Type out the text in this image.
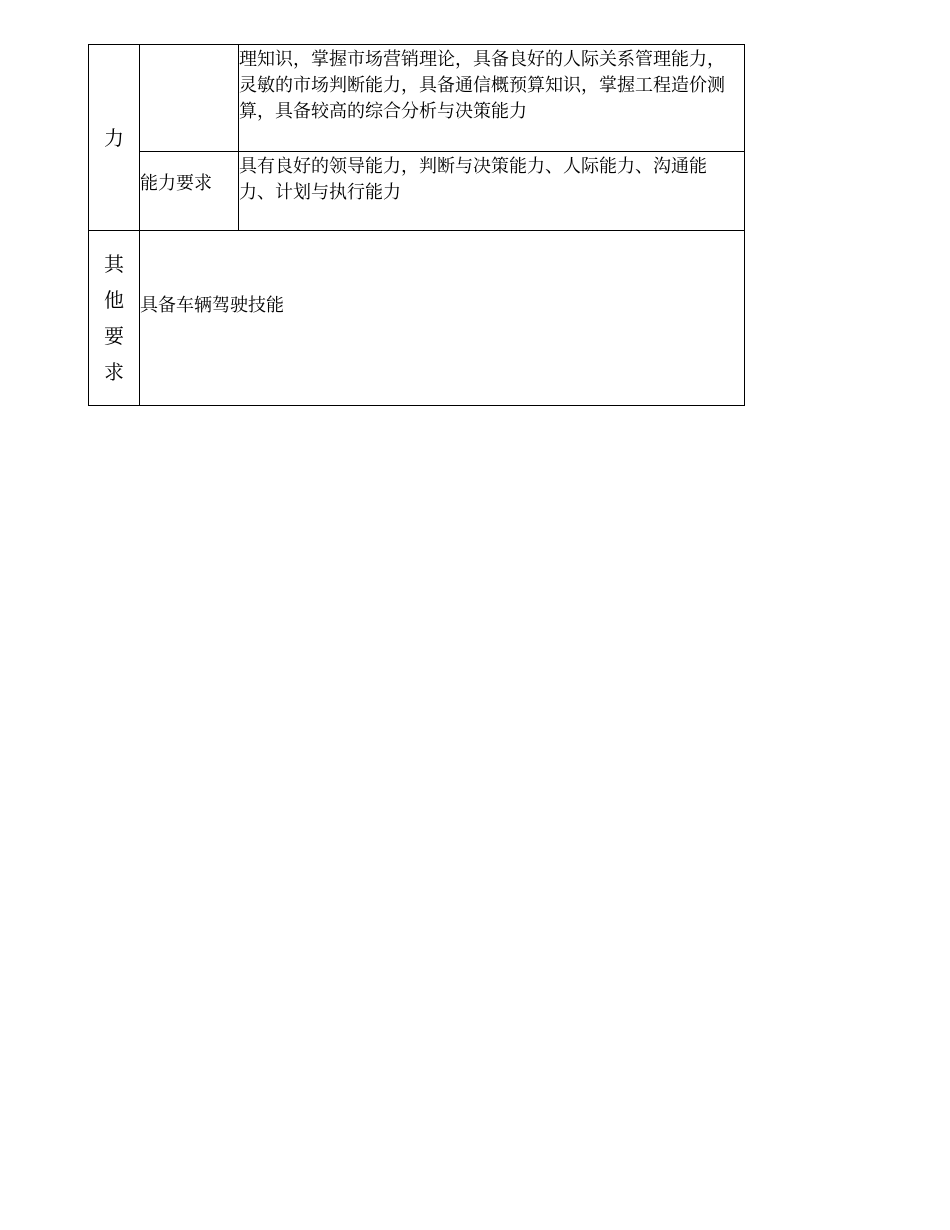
力		理知识，掌握市场营销理论，具备良好的人际关系管理能力，灵敏的市场判断能力，具备通信概预算知识，掌握工程造价测算，具备较高的综合分析与决策能力

	能力要求	具有良好的领导能力，判断与决策能力、人际能力、沟通能力、计划与执行能力

其他要求	具备车辆驾驶技能	
